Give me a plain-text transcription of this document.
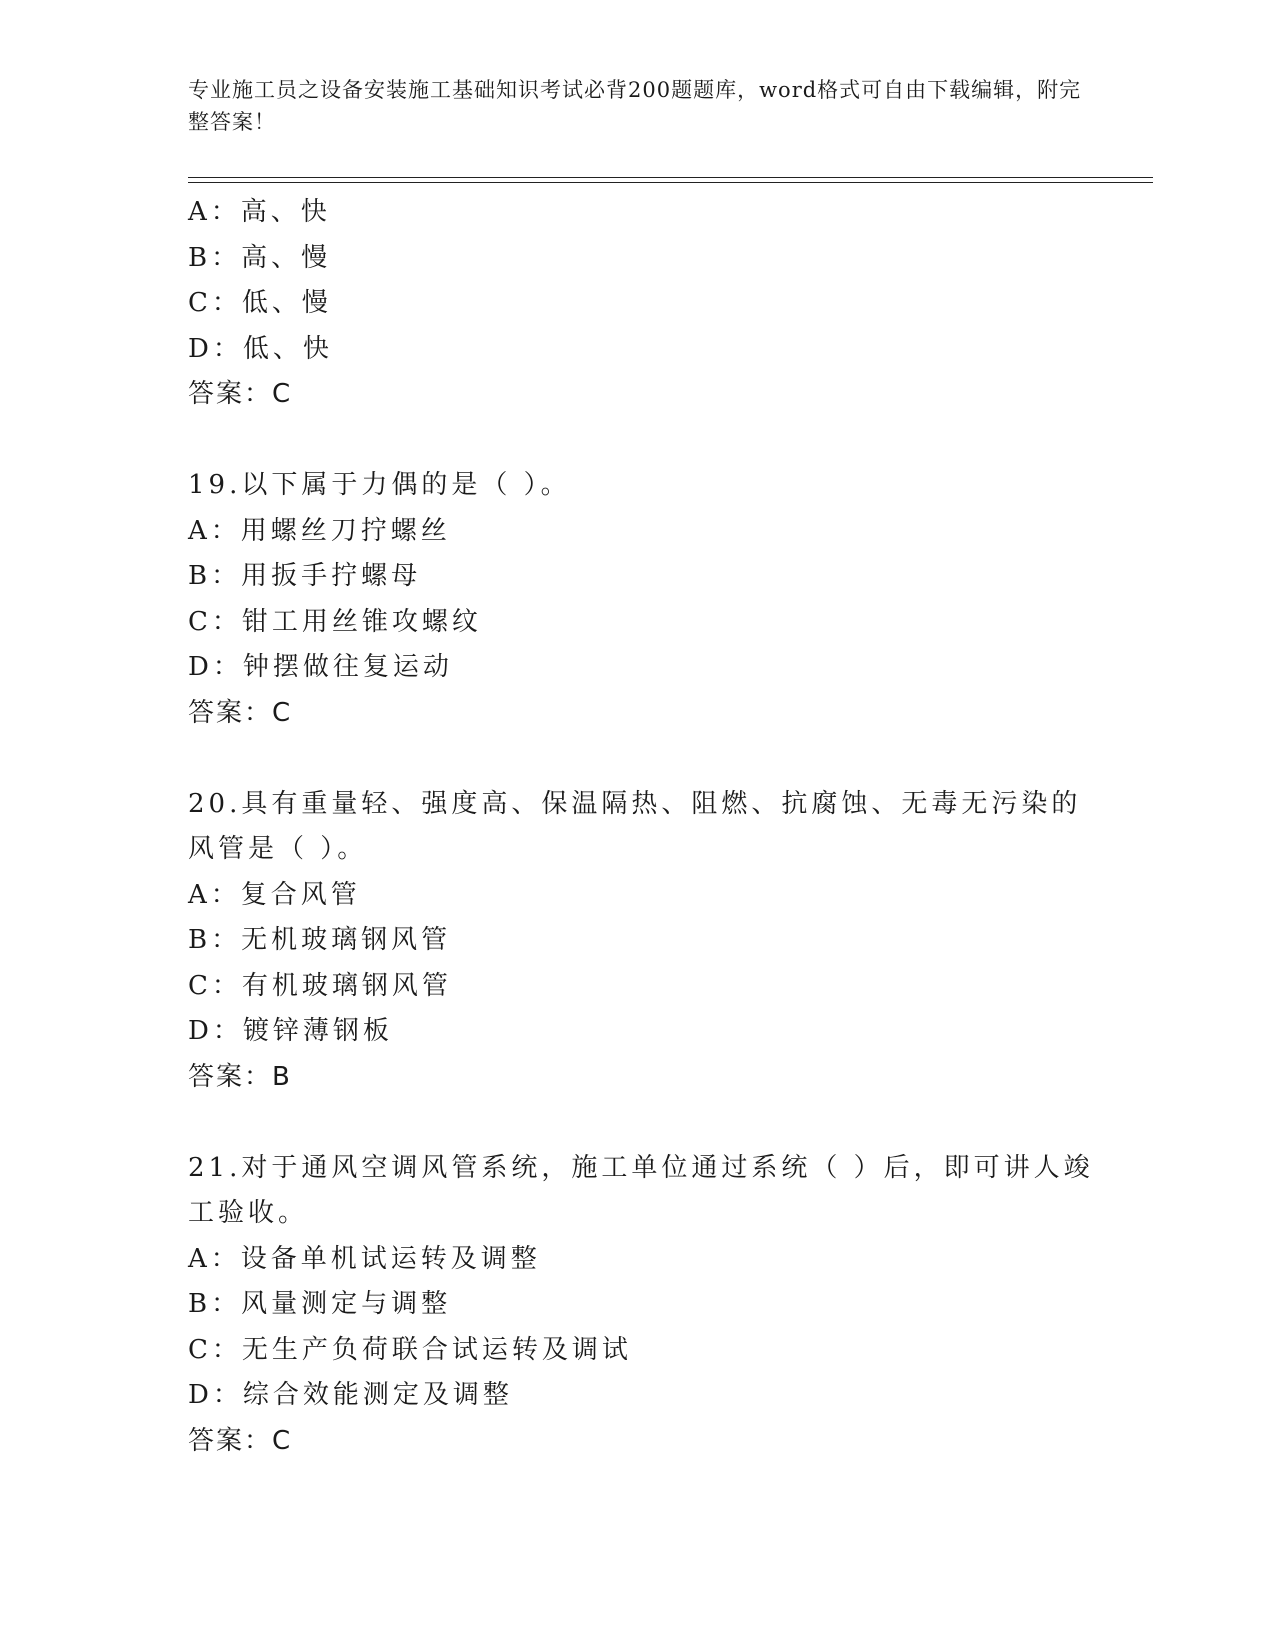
专业施工员之设备安装施工基础知识考试必背200题题库，word格式可自由下载编辑，附完整答案！
A：高、快
B：高、慢
C：低、慢
D：低、快
答案：C
19.以下属于力偶的是（ ）。
A：用螺丝刀拧螺丝
B：用扳手拧螺母
C：钳工用丝锥攻螺纹
D：钟摆做往复运动
答案：C
20.具有重量轻、强度高、保温隔热、阻燃、抗腐蚀、无毒无污染的风管是（ ）。
A：复合风管
B：无机玻璃钢风管
C：有机玻璃钢风管
D：镀锌薄钢板
答案：B
21.对于通风空调风管系统，施工单位通过系统（ ）后，即可讲人竣工验收。
A：设备单机试运转及调整
B：风量测定与调整
C：无生产负荷联合试运转及调试
D：综合效能测定及调整
答案：C
